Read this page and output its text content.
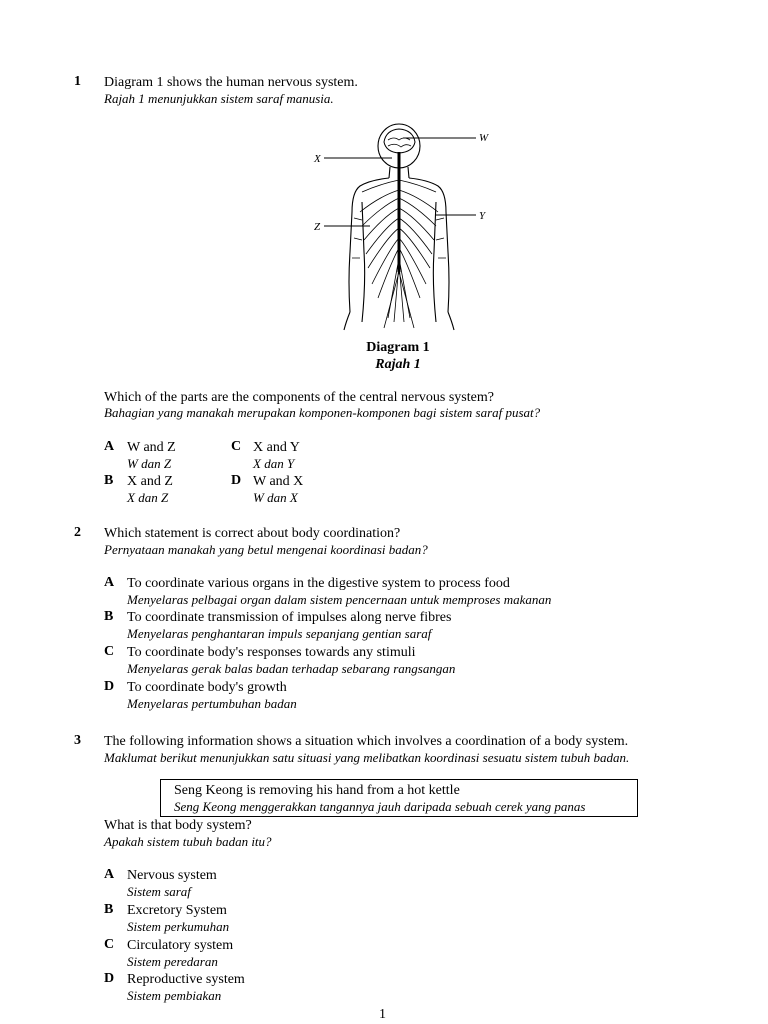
1 Diagram 1 shows the human nervous system.
Rajah 1 menunjukkan sistem saraf manusia.
W
X
Y
Z
Diagram 1
Rajah 1
Which of the parts are the components of the central nervous system?
Bahagian yang manakah merupakan komponen-komponen bagi sistem saraf pusat?
A W and Z
W dan Z
B X and Z
X dan Z
C X and Y
X dan Y
D W and X
W dan X
2 Which statement is correct about body coordination?
Pernyataan manakah yang betul mengenai koordinasi badan?
A To coordinate various organs in the digestive system to process food
Menyelaras pelbagai organ dalam sistem pencernaan untuk memproses makanan
B To coordinate transmission of impulses along nerve fibres
Menyelaras penghantaran impuls sepanjang gentian saraf
C To coordinate body's responses towards any stimuli
Menyelaras gerak balas badan terhadap sebarang rangsangan
D To coordinate body's growth
Menyelaras pertumbuhan badan
3 The following information shows a situation which involves a coordination of a body system.
Maklumat berikut menunjukkan satu situasi yang melibatkan koordinasi sesuatu sistem tubuh badan.
Seng Keong is removing his hand from a hot kettle
Seng Keong menggerakkan tangannya jauh daripada sebuah cerek yang panas
What is that body system?
Apakah sistem tubuh badan itu?
A Nervous system
Sistem saraf
B Excretory System
Sistem perkumuhan
C Circulatory system
Sistem peredaran
D Reproductive system
Sistem pembiakan
1
